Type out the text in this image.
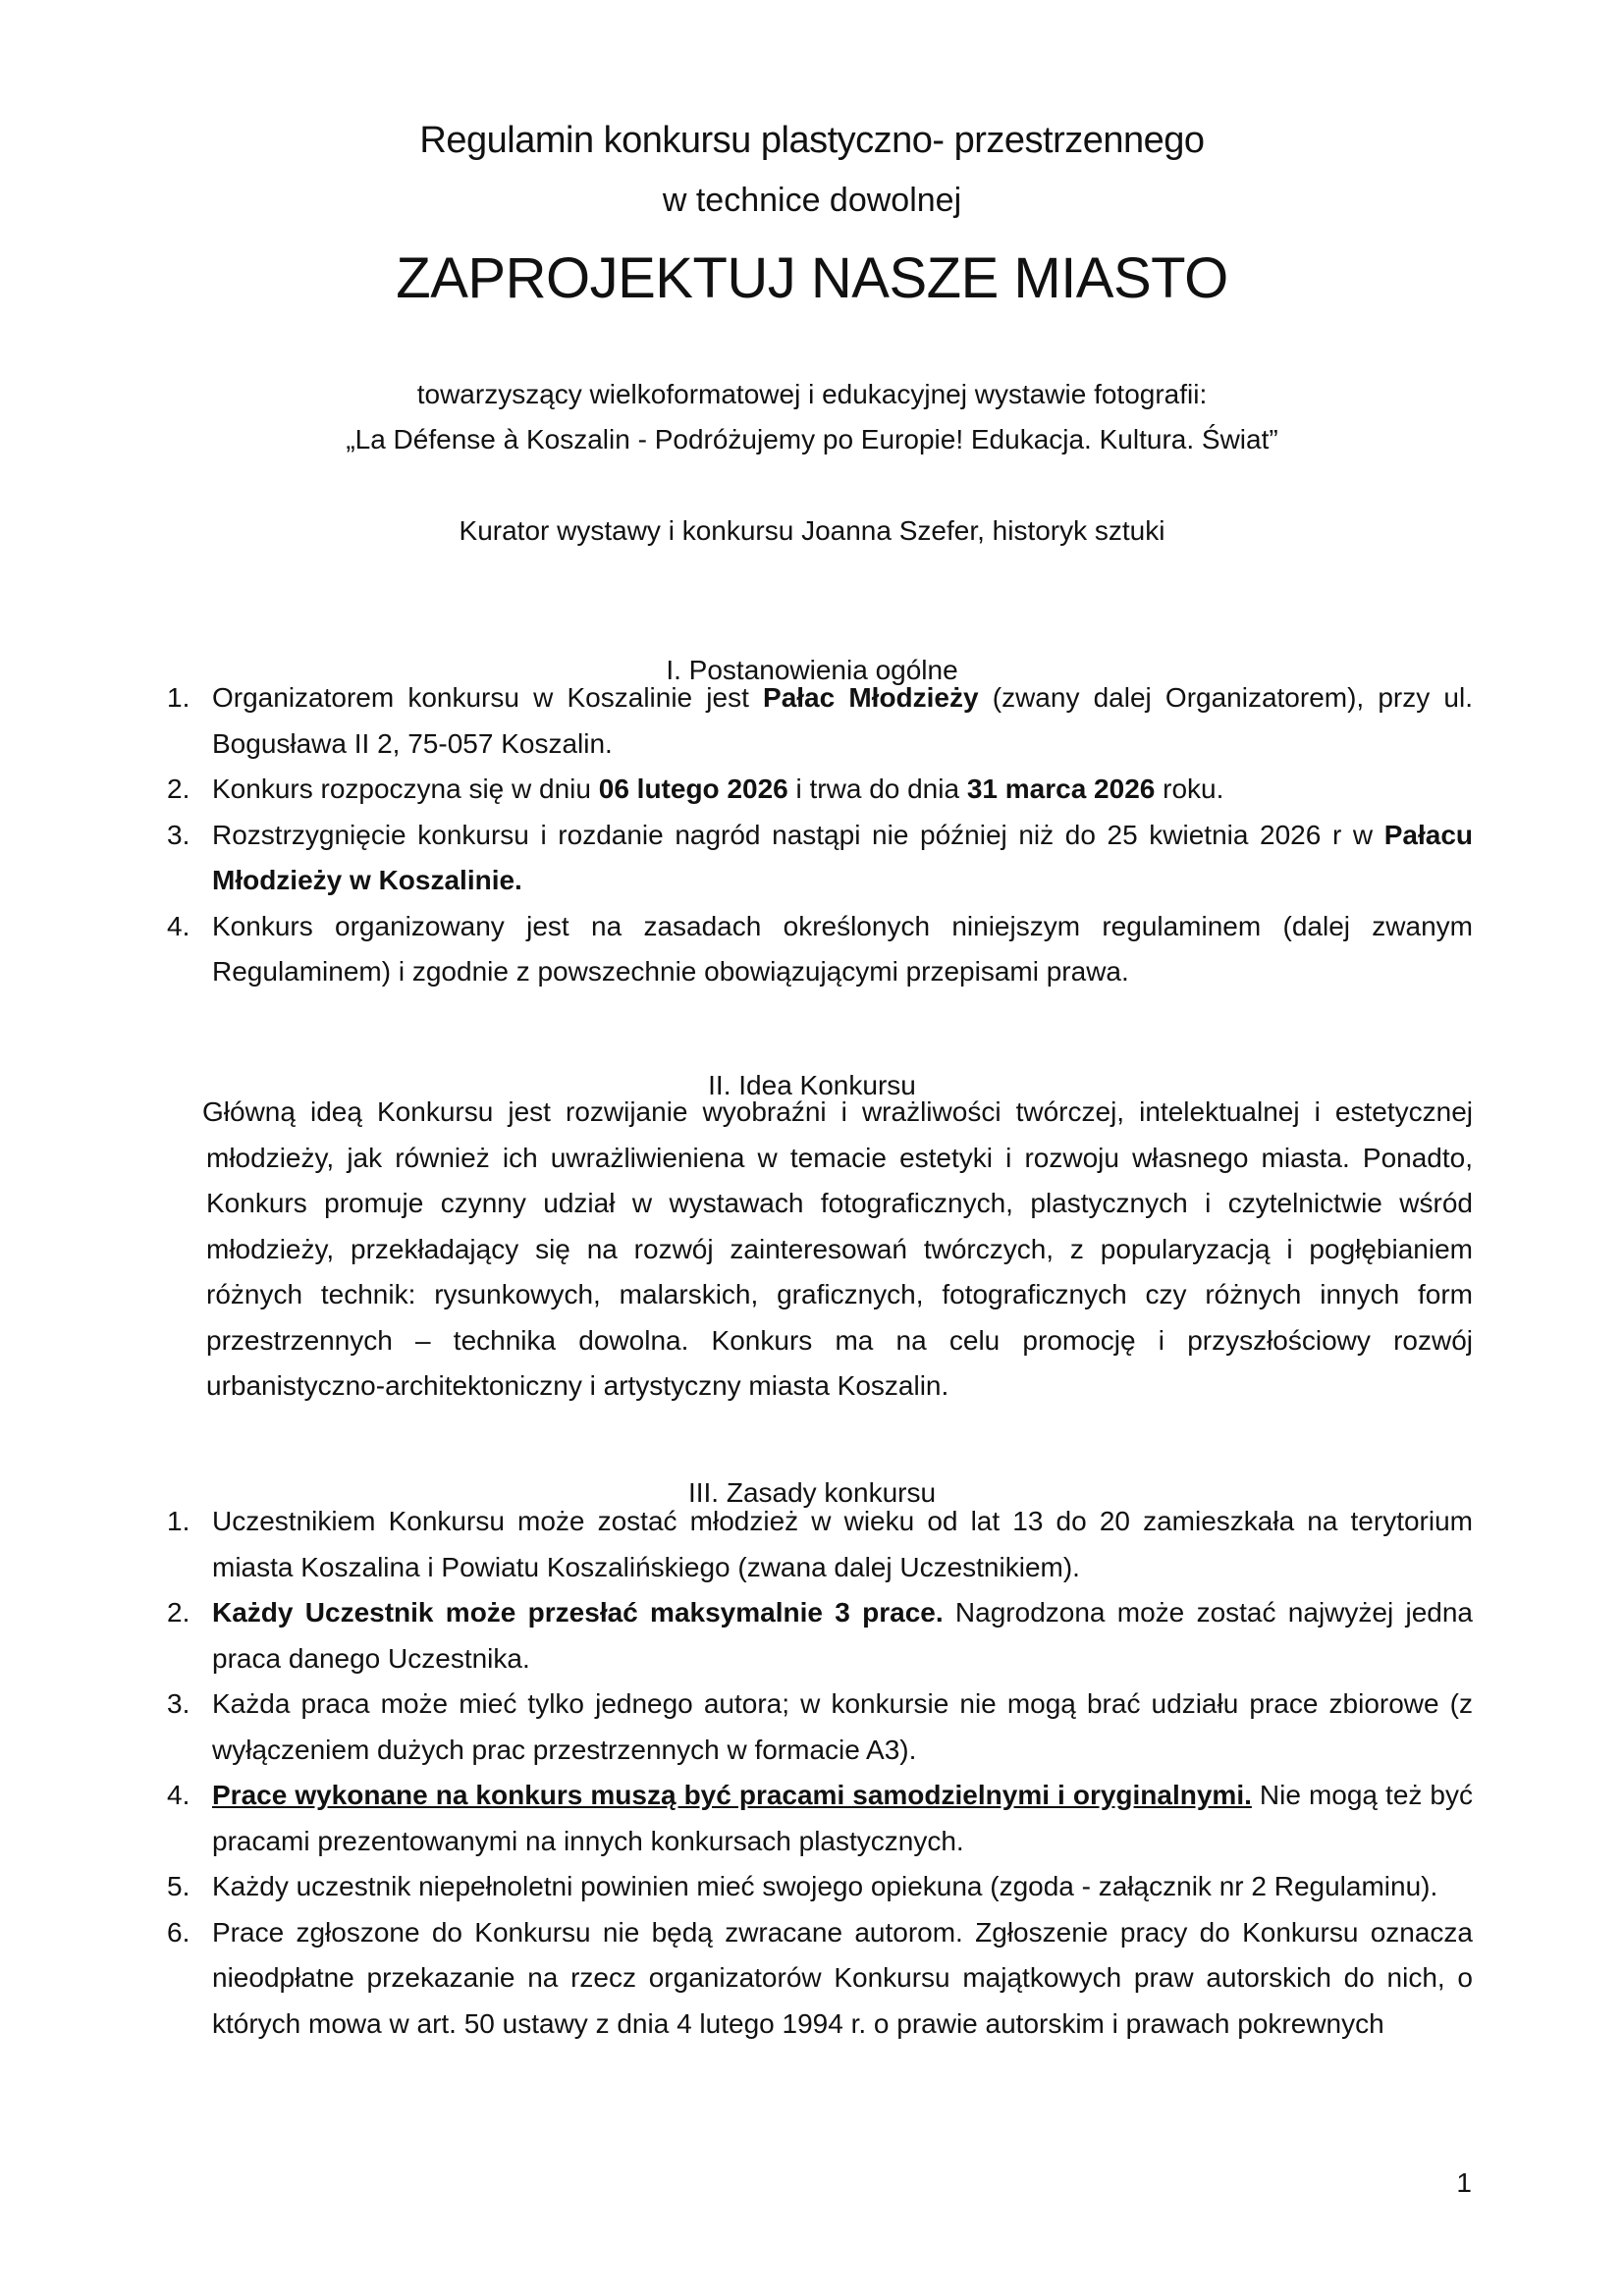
Regulamin konkursu plastyczno- przestrzennego
w technice dowolnej
ZAPROJEKTUJ NASZE MIASTO
towarzyszący wielkoformatowej i edukacyjnej wystawie fotografii:
„La Défense à Koszalin - Podróżujemy po Europie! Edukacja. Kultura. Świat”
Kurator wystawy i konkursu Joanna Szefer, historyk sztuki
I. Postanowienia ogólne
1. Organizatorem konkursu w Koszalinie jest Pałac Młodzieży (zwany dalej Organizatorem), przy ul. Bogusława II 2, 75-057 Koszalin.
2. Konkurs rozpoczyna się w dniu 06 lutego 2026 i trwa do dnia 31 marca 2026 roku.
3. Rozstrzygnięcie konkursu i rozdanie nagród nastąpi nie później niż do 25 kwietnia 2026 r w Pałacu Młodzieży w Koszalinie.
4. Konkurs organizowany jest na zasadach określonych niniejszym regulaminem (dalej zwanym Regulaminem) i zgodnie z powszechnie obowiązującymi przepisami prawa.
II. Idea Konkursu
Główną ideą Konkursu jest rozwijanie wyobraźni i wrażliwości twórczej, intelektualnej i estetycznej młodzieży, jak również ich uwrażliwieniena w temacie estetyki i rozwoju własnego miasta. Ponadto, Konkurs promuje czynny udział w wystawach fotograficznych, plastycznych i czytelnictwie wśród młodzieży, przekładający się na rozwój zainteresowań twórczych, z popularyzacją i pogłębianiem różnych technik: rysunkowych, malarskich, graficznych, fotograficznych czy różnych innych form przestrzennych – technika dowolna. Konkurs ma na celu promocję i przyszłościowy rozwój urbanistyczno-architektoniczny i artystyczny miasta Koszalin.
III. Zasady konkursu
1. Uczestnikiem Konkursu może zostać młodzież w wieku od lat 13 do 20 zamieszkała na terytorium miasta Koszalina i Powiatu Koszalińskiego (zwana dalej Uczestnikiem).
2. Każdy Uczestnik może przesłać maksymalnie 3 prace. Nagrodzona może zostać najwyżej jedna praca danego Uczestnika.
3. Każda praca może mieć tylko jednego autora; w konkursie nie mogą brać udziału prace zbiorowe (z wyłączeniem dużych prac przestrzennych w formacie A3).
4. Prace wykonane na konkurs muszą być pracami samodzielnymi i oryginalnymi. Nie mogą też być pracami prezentowanymi na innych konkursach plastycznych.
5. Każdy uczestnik niepełnoletni powinien mieć swojego opiekuna (zgoda - załącznik nr 2 Regulaminu).
6. Prace zgłoszone do Konkursu nie będą zwracane autorom. Zgłoszenie pracy do Konkursu oznacza nieodpłatne przekazanie na rzecz organizatorów Konkursu majątkowych praw autorskich do nich, o których mowa w art. 50 ustawy z dnia 4 lutego 1994 r. o prawie autorskim i prawach pokrewnych
1
